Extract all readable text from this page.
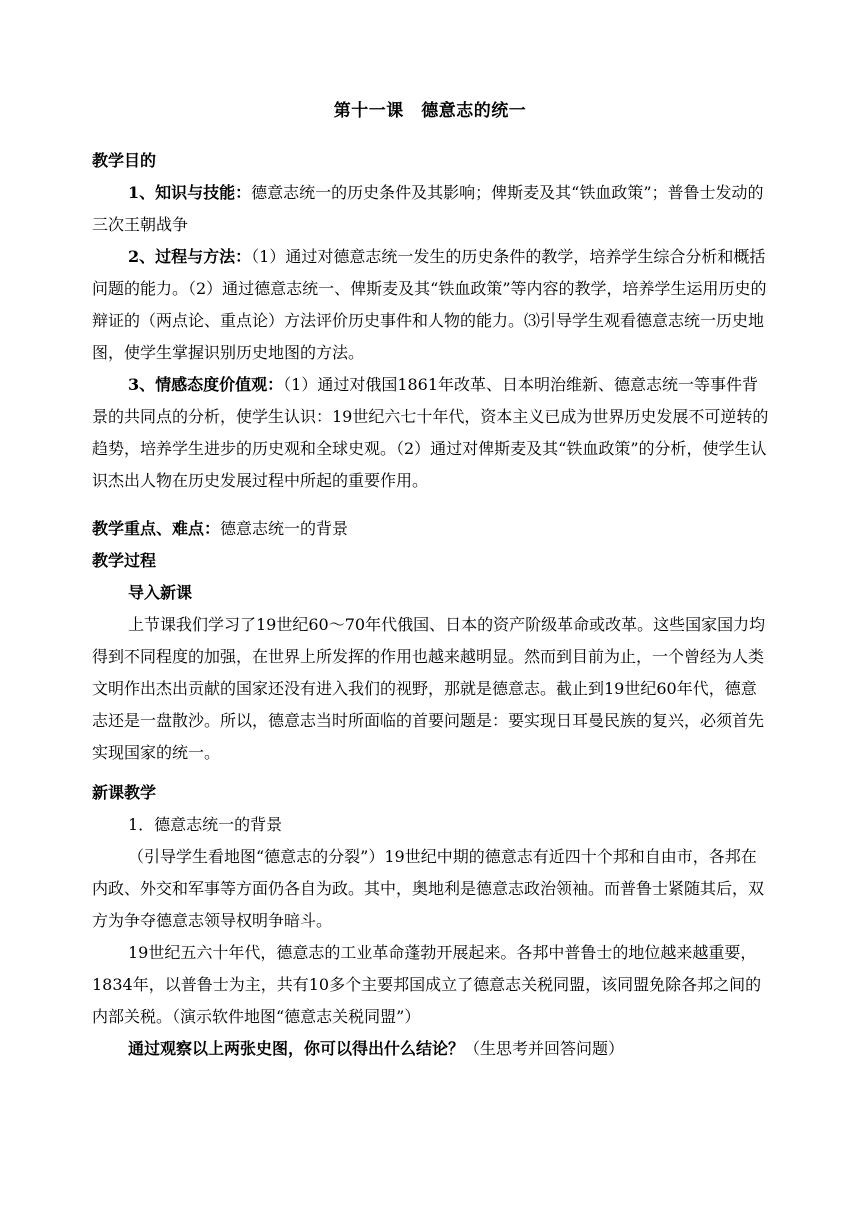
第十一课　德意志的统一
教学目的

1、知识与技能：德意志统一的历史条件及其影响；俾斯麦及其“铁血政策”；普鲁士发动的三次王朝战争

2、过程与方法：（1）通过对德意志统一发生的历史条件的教学，培养学生综合分析和概括问题的能力。（2）通过德意志统一、俾斯麦及其“铁血政策”等内容的教学，培养学生运用历史的辩证的（两点论、重点论）方法评价历史事件和人物的能力。⑶引导学生观看德意志统一历史地图，使学生掌握识别历史地图的方法。

3、情感态度价值观：（1）通过对俄国1861年改革、日本明治维新、德意志统一等事件背景的共同点的分析，使学生认识：19世纪六七十年代，资本主义已成为世界历史发展不可逆转的趋势，培养学生进步的历史观和全球史观。（2）通过对俾斯麦及其“铁血政策”的分析，使学生认识杰出人物在历史发展过程中所起的重要作用。

教学重点、难点：德意志统一的背景

教学过程
导入新课

上节课我们学习了19世纪60～70年代俄国、日本的资产阶级革命或改革。这些国家国力均得到不同程度的加强，在世界上所发挥的作用也越来越明显。然而到目前为止，一个曾经为人类文明作出杰出贡献的国家还没有进入我们的视野，那就是德意志。截止到19世纪60年代，德意志还是一盘散沙。所以，德意志当时所面临的首要问题是：要实现日耳曼民族的复兴，必须首先实现国家的统一。

新课教学
1．德意志统一的背景

（引导学生看地图“德意志的分裂”）19世纪中期的德意志有近四十个邦和自由市，各邦在内政、外交和军事等方面仍各自为政。其中，奥地利是德意志政治领袖。而普鲁士紧随其后，双方为争夺德意志领导权明争暗斗。

19世纪五六十年代，德意志的工业革命蓬勃开展起来。各邦中普鲁士的地位越来越重要，1834年，以普鲁士为主，共有10多个主要邦国成立了德意志关税同盟，该同盟免除各邦之间的内部关税。（演示软件地图“德意志关税同盟”）

通过观察以上两张史图，你可以得出什么结论？（生思考并回答问题）
